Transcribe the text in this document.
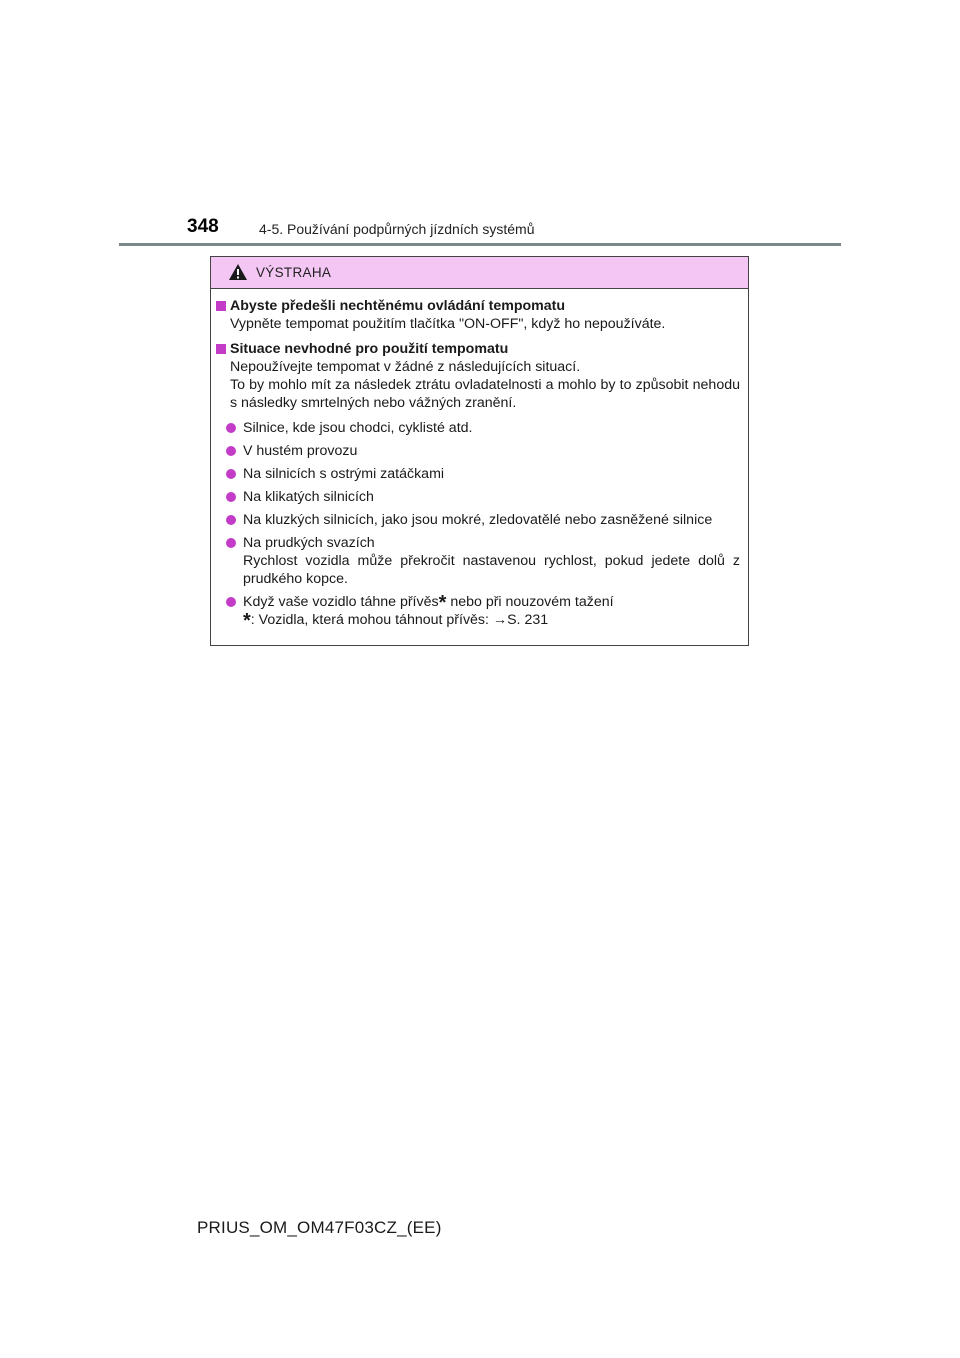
348	4-5. Používání podpůrných jízdních systémů
VÝSTRAHA
Abyste předešli nechtěnému ovládání tempomatu
Vypněte tempomat použitím tlačítka "ON-OFF", když ho nepoužíváte.
Situace nevhodné pro použití tempomatu
Nepoužívejte tempomat v žádné z následujících situací.
To by mohlo mít za následek ztrátu ovladatelnosti a mohlo by to způsobit nehodu s následky smrtelných nebo vážných zranění.
Silnice, kde jsou chodci, cyklisté atd.
V hustém provozu
Na silnicích s ostrými zatáčkami
Na klikatých silnicích
Na kluzkých silnicích, jako jsou mokré, zledovatělé nebo zasněžené silnice
Na prudkých svazích
Rychlost vozidla může překročit nastavenou rychlost, pokud jedete dolů z prudkého kopce.
Když vaše vozidlo táhne přívěs* nebo při nouzovém tažení
*: Vozidla, která mohou táhnout přívěs: →S. 231
PRIUS_OM_OM47F03CZ_(EE)
